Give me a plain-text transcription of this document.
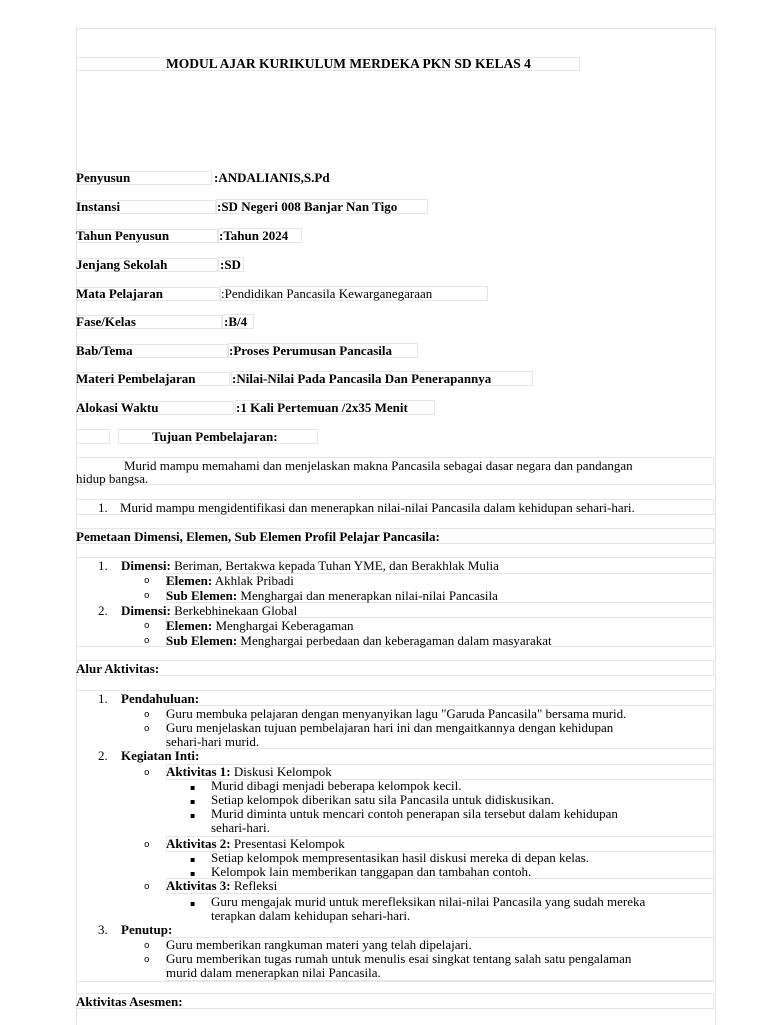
MODUL AJAR KURIKULUM MERDEKA PKN SD KELAS 4
Penyusun	:ANDALIANIS,S.Pd
Instansi	:SD Negeri 008 Banjar Nan Tigo
Tahun Penyusun	:Tahun 2024
Jenjang Sekolah	:SD
Mata Pelajaran	:Pendidikan Pancasila Kewarganegaraan
Fase/Kelas	:B/4
Bab/Tema	:Proses Perumusan Pancasila
Materi Pembelajaran	:Nilai-Nilai Pada Pancasila Dan Penerapannya
Alokasi Waktu	:1 Kali Pertemuan /2x35 Menit
Tujuan Pembelajaran:
Murid mampu memahami dan menjelaskan makna Pancasila sebagai dasar negara dan pandangan
hidup bangsa.
1. Murid mampu mengidentifikasi dan menerapkan nilai-nilai Pancasila dalam kehidupan sehari-hari.
Pemetaan Dimensi, Elemen, Sub Elemen Profil Pelajar Pancasila:
1. Dimensi: Beriman, Bertakwa kepada Tuhan YME, dan Berakhlak Mulia
o Elemen: Akhlak Pribadi
o Sub Elemen: Menghargai dan menerapkan nilai-nilai Pancasila
2. Dimensi: Berkebhinekaan Global
o Elemen: Menghargai Keberagaman
o Sub Elemen: Menghargai perbedaan dan keberagaman dalam masyarakat
Alur Aktivitas:
1. Pendahuluan:
o Guru membuka pelajaran dengan menyanyikan lagu "Garuda Pancasila" bersama murid.
o Guru menjelaskan tujuan pembelajaran hari ini dan mengaitkannya dengan kehidupan
sehari-hari murid.
2. Kegiatan Inti:
o Aktivitas 1: Diskusi Kelompok
▪ Murid dibagi menjadi beberapa kelompok kecil.
▪ Setiap kelompok diberikan satu sila Pancasila untuk didiskusikan.
▪ Murid diminta untuk mencari contoh penerapan sila tersebut dalam kehidupan
sehari-hari.
o Aktivitas 2: Presentasi Kelompok
▪ Setiap kelompok mempresentasikan hasil diskusi mereka di depan kelas.
▪ Kelompok lain memberikan tanggapan dan tambahan contoh.
o Aktivitas 3: Refleksi
▪ Guru mengajak murid untuk merefleksikan nilai-nilai Pancasila yang sudah mereka
terapkan dalam kehidupan sehari-hari.
3. Penutup:
o Guru memberikan rangkuman materi yang telah dipelajari.
o Guru memberikan tugas rumah untuk menulis esai singkat tentang salah satu pengalaman
murid dalam menerapkan nilai Pancasila.
Aktivitas Asesmen:
